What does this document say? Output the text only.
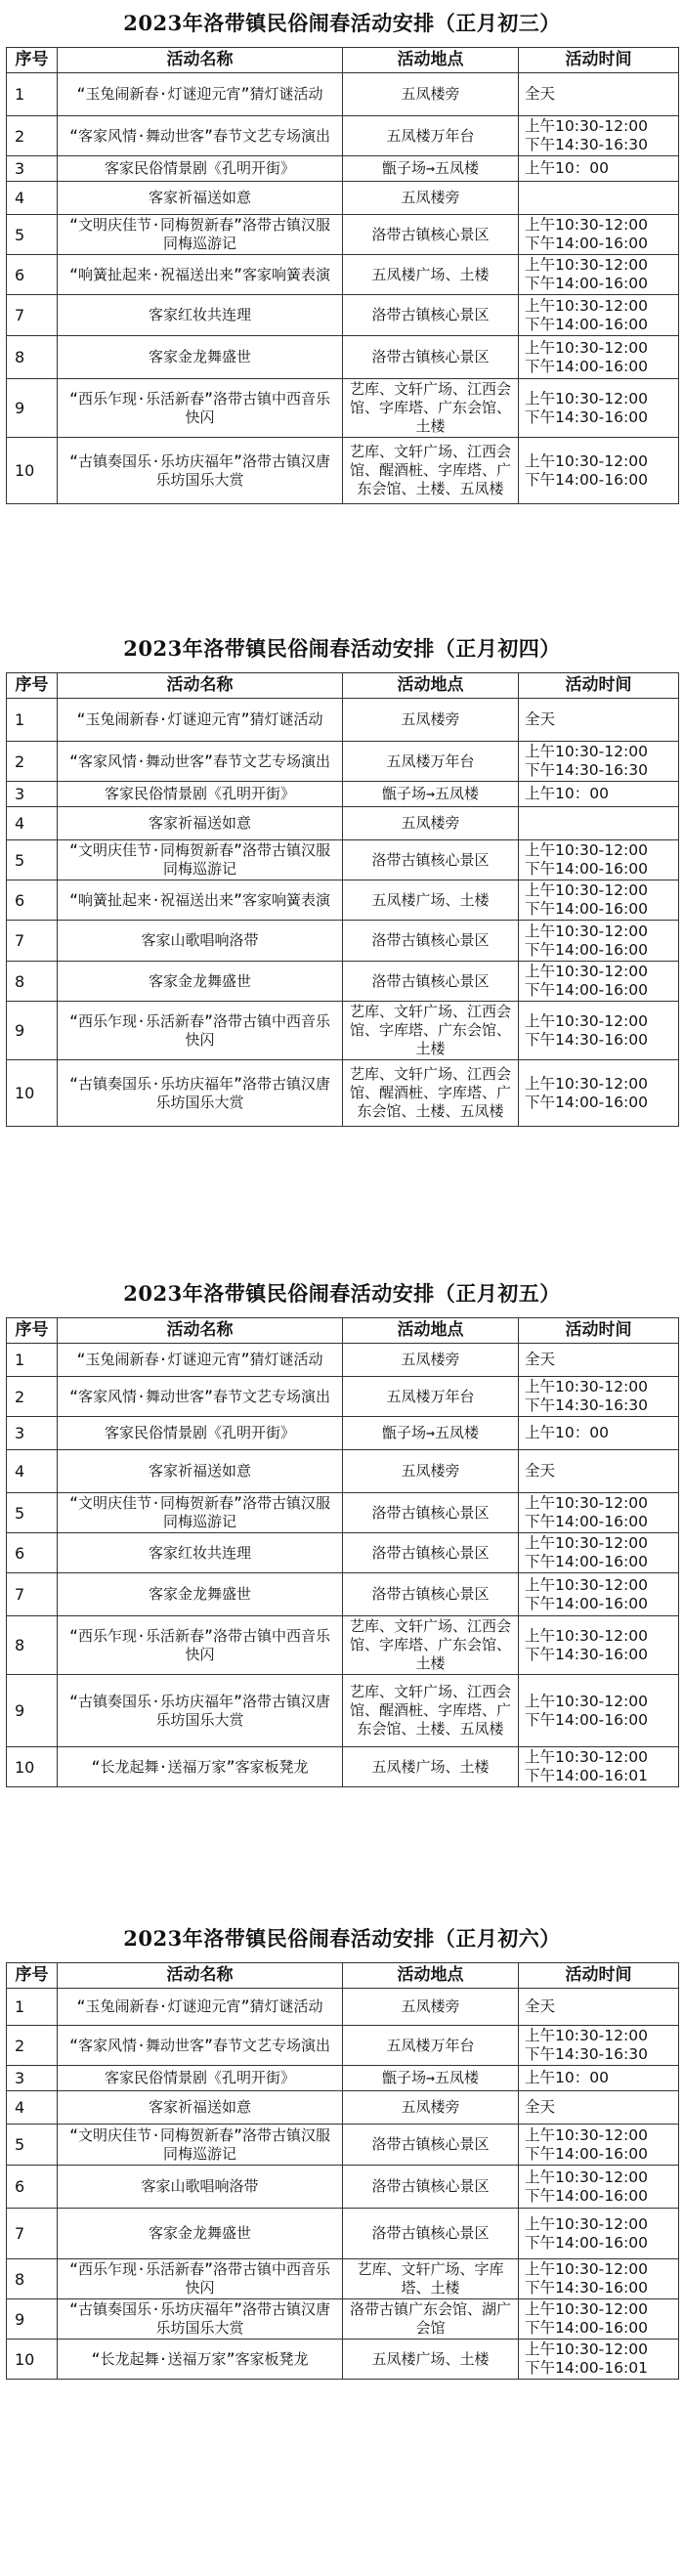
2023年洛带镇民俗闹春活动安排（正月初三）
序号	活动名称	活动地点	活动时间
1	“玉兔闹新春·灯谜迎元宵”猜灯谜活动	五凤楼旁	全天
2	“客家风情·舞动世客”春节文艺专场演出	五凤楼万年台	上午10:30-12:00
下午14:30-16:30
3	客家民俗情景剧《孔明开街》	甑子场→五凤楼	上午10：00
4	客家祈福送如意	五凤楼旁	
5	“文明庆佳节·同梅贺新春”洛带古镇汉服同梅巡游记	洛带古镇核心景区	上午10:30-12:00
下午14:00-16:00
6	“响簧扯起来·祝福送出来”客家响簧表演	五凤楼广场、土楼	上午10:30-12:00
下午14:00-16:00
7	客家红妆共连理	洛带古镇核心景区	上午10:30-12:00
下午14:00-16:00
8	客家金龙舞盛世	洛带古镇核心景区	上午10:30-12:00
下午14:00-16:00
9	“西乐乍现·乐活新春”洛带古镇中西音乐快闪	艺库、文轩广场、江西会馆、字库塔、广东会馆、土楼	上午10:30-12:00
下午14:30-16:00
10	“古镇奏国乐·乐坊庆福年”洛带古镇汉唐乐坊国乐大赏	艺库、文轩广场、江西会馆、醒酒桩、字库塔、广东会馆、土楼、五凤楼	上午10:30-12:00
下午14:00-16:00
2023年洛带镇民俗闹春活动安排（正月初四）
序号	活动名称	活动地点	活动时间
1	“玉兔闹新春·灯谜迎元宵”猜灯谜活动	五凤楼旁	全天
2	“客家风情·舞动世客”春节文艺专场演出	五凤楼万年台	上午10:30-12:00
下午14:30-16:30
3	客家民俗情景剧《孔明开街》	甑子场→五凤楼	上午10：00
4	客家祈福送如意	五凤楼旁	
5	“文明庆佳节·同梅贺新春”洛带古镇汉服同梅巡游记	洛带古镇核心景区	上午10:30-12:00
下午14:00-16:00
6	“响簧扯起来·祝福送出来”客家响簧表演	五凤楼广场、土楼	上午10:30-12:00
下午14:00-16:00
7	客家山歌唱响洛带	洛带古镇核心景区	上午10:30-12:00
下午14:00-16:00
8	客家金龙舞盛世	洛带古镇核心景区	上午10:30-12:00
下午14:00-16:00
9	“西乐乍现·乐活新春”洛带古镇中西音乐快闪	艺库、文轩广场、江西会馆、字库塔、广东会馆、土楼	上午10:30-12:00
下午14:30-16:00
10	“古镇奏国乐·乐坊庆福年”洛带古镇汉唐乐坊国乐大赏	艺库、文轩广场、江西会馆、醒酒桩、字库塔、广东会馆、土楼、五凤楼	上午10:30-12:00
下午14:00-16:00
2023年洛带镇民俗闹春活动安排（正月初五）
序号	活动名称	活动地点	活动时间
1	“玉兔闹新春·灯谜迎元宵”猜灯谜活动	五凤楼旁	全天
2	“客家风情·舞动世客”春节文艺专场演出	五凤楼万年台	上午10:30-12:00
下午14:30-16:30
3	客家民俗情景剧《孔明开街》	甑子场→五凤楼	上午10：00
4	客家祈福送如意	五凤楼旁	全天
5	“文明庆佳节·同梅贺新春”洛带古镇汉服同梅巡游记	洛带古镇核心景区	上午10:30-12:00
下午14:00-16:00
6	客家红妆共连理	洛带古镇核心景区	上午10:30-12:00
下午14:00-16:00
7	客家金龙舞盛世	洛带古镇核心景区	上午10:30-12:00
下午14:00-16:00
8	“西乐乍现·乐活新春”洛带古镇中西音乐快闪	艺库、文轩广场、江西会馆、字库塔、广东会馆、土楼	上午10:30-12:00
下午14:30-16:00
9	“古镇奏国乐·乐坊庆福年”洛带古镇汉唐乐坊国乐大赏	艺库、文轩广场、江西会馆、醒酒桩、字库塔、广东会馆、土楼、五凤楼	上午10:30-12:00
下午14:00-16:00
10	“长龙起舞·送福万家”客家板凳龙	五凤楼广场、土楼	上午10:30-12:00
下午14:00-16:01
2023年洛带镇民俗闹春活动安排（正月初六）
序号	活动名称	活动地点	活动时间
1	“玉兔闹新春·灯谜迎元宵”猜灯谜活动	五凤楼旁	全天
2	“客家风情·舞动世客”春节文艺专场演出	五凤楼万年台	上午10:30-12:00
下午14:30-16:30
3	客家民俗情景剧《孔明开街》	甑子场→五凤楼	上午10：00
4	客家祈福送如意	五凤楼旁	全天
5	“文明庆佳节·同梅贺新春”洛带古镇汉服同梅巡游记	洛带古镇核心景区	上午10:30-12:00
下午14:00-16:00
6	客家山歌唱响洛带	洛带古镇核心景区	上午10:30-12:00
下午14:00-16:00
7	客家金龙舞盛世	洛带古镇核心景区	上午10:30-12:00
下午14:00-16:00
8	“西乐乍现·乐活新春”洛带古镇中西音乐快闪	艺库、文轩广场、字库塔、土楼	上午10:30-12:00
下午14:30-16:00
9	“古镇奏国乐·乐坊庆福年”洛带古镇汉唐乐坊国乐大赏	洛带古镇广东会馆、湖广会馆	上午10:30-12:00
下午14:00-16:00
10	“长龙起舞·送福万家”客家板凳龙	五凤楼广场、土楼	上午10:30-12:00
下午14:00-16:01
